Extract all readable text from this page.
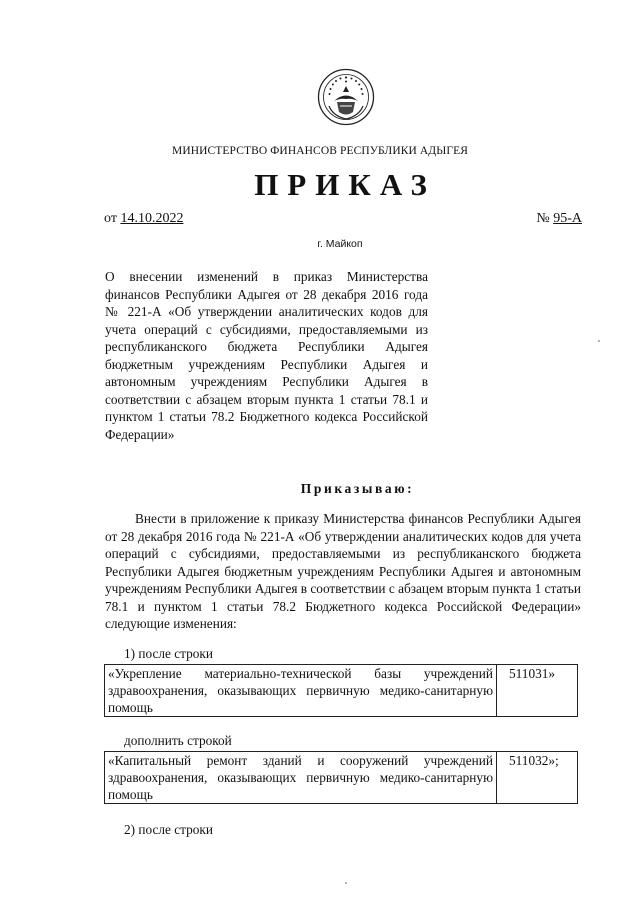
МИНИСТЕРСТВО ФИНАНСОВ РЕСПУБЛИКИ АДЫГЕЯ
ПРИКАЗ
от 14.10.2022	№ 95-А
г. Майкоп

О внесении изменений в приказ Министерства финансов Республики Адыгея от 28 декабря 2016 года № 221-А «Об утверждении аналитических кодов для учета операций с субсидиями, предоставляемыми из республиканского бюджета Республики Адыгея бюджетным учреждениям Республики Адыгея и автономным учреждениям Республики Адыгея в соответствии с абзацем вторым пункта 1 статьи 78.1 и пунктом 1 статьи 78.2 Бюджетного кодекса Российской Федерации»

Приказываю:

Внести в приложение к приказу Министерства финансов Республики Адыгея от 28 декабря 2016 года № 221-А «Об утверждении аналитических кодов для учета операций с субсидиями, предоставляемыми из республиканского бюджета Республики Адыгея бюджетным учреждениям Республики Адыгея и автономным учреждениям Республики Адыгея в соответствии с абзацем вторым пункта 1 статьи 78.1 и пунктом 1 статьи 78.2 Бюджетного кодекса Российской Федерации» следующие изменения:

1) после строки
«Укрепление материально-технической базы учреждений здравоохранения, оказывающих первичную медико-санитарную помощь	511031»
дополнить строкой
«Капитальный ремонт зданий и сооружений учреждений здравоохранения, оказывающих первичную медико-санитарную помощь	511032»;
2) после строки
